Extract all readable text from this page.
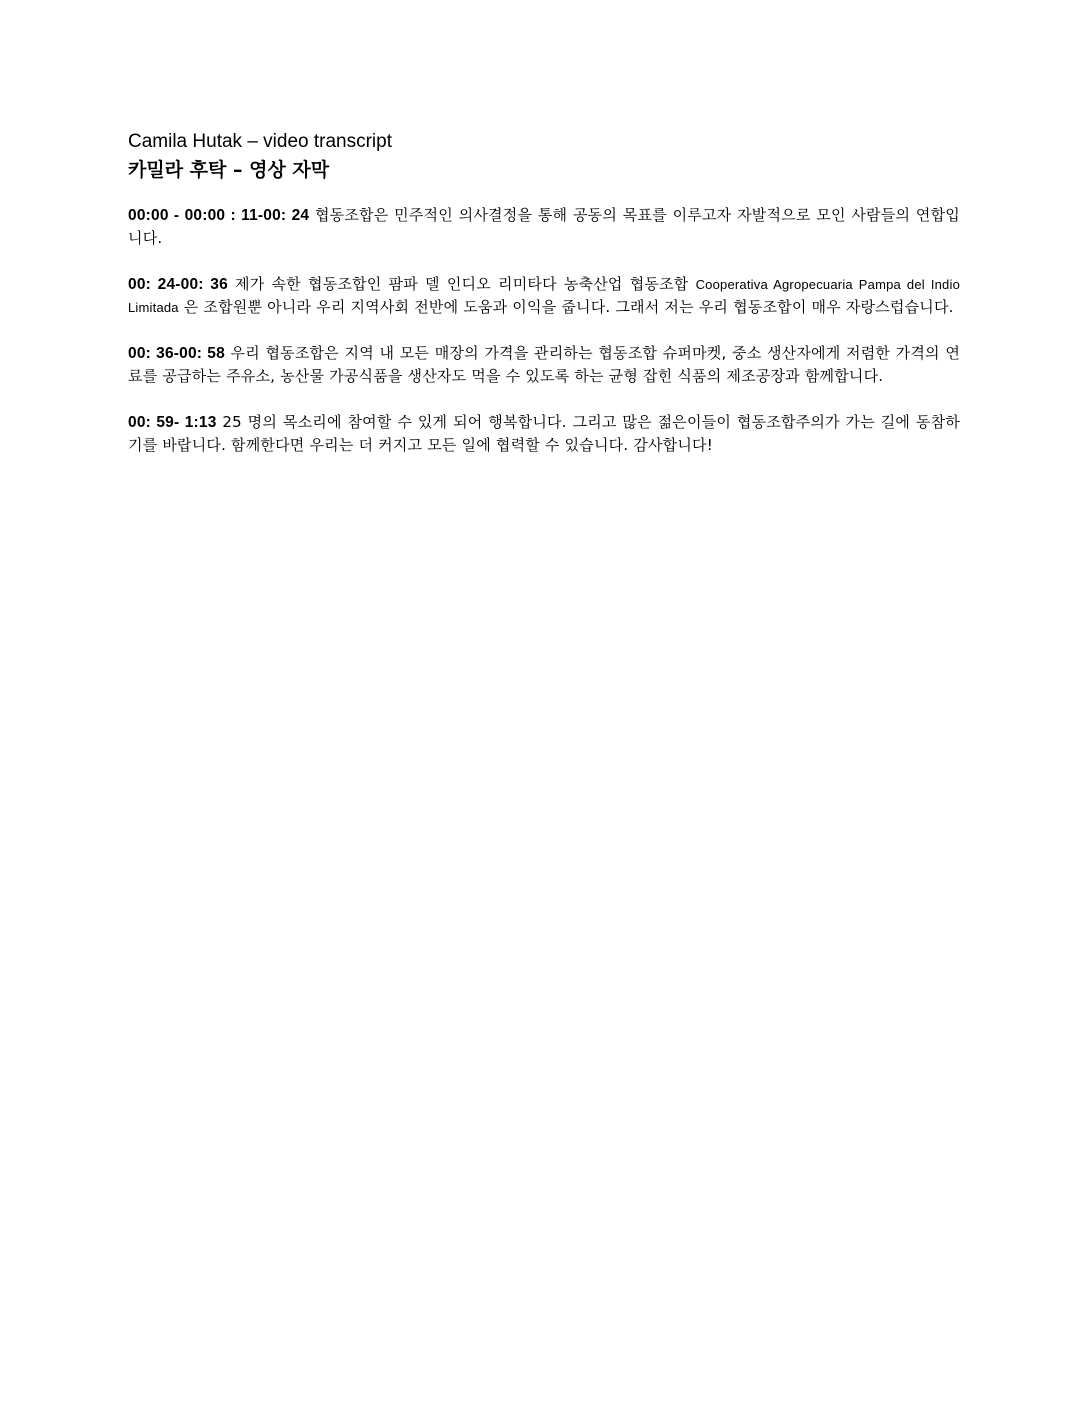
Camila Hutak – video transcript

카밀라 후탁 – 영상 자막

00:00 - 00:00 : 11-00: 24 협동조합은 민주적인 의사결정을 통해 공동의 목표를 이루고자 자발적으로 모인 사람들의 연합입니다.

00: 24-00: 36 제가 속한 협동조합인 팜파 델 인디오 리미타다 농축산업 협동조합 Cooperativa Agropecuaria Pampa del Indio Limitada 은 조합원뿐 아니라 우리 지역사회 전반에 도움과 이익을 줍니다. 그래서 저는 우리 협동조합이 매우 자랑스럽습니다.

00: 36-00: 58 우리 협동조합은 지역 내 모든 매장의 가격을 관리하는 협동조합 슈퍼마켓, 중소 생산자에게 저렴한 가격의 연료를 공급하는 주유소, 농산물 가공식품을 생산자도 먹을 수 있도록 하는 균형 잡힌 식품의 제조공장과 함께합니다.

00: 59- 1:13 25 명의 목소리에 참여할 수 있게 되어 행복합니다. 그리고 많은 젊은이들이 협동조합주의가 가는 길에 동참하기를 바랍니다. 함께한다면 우리는 더 커지고 모든 일에 협력할 수 있습니다. 감사합니다!
